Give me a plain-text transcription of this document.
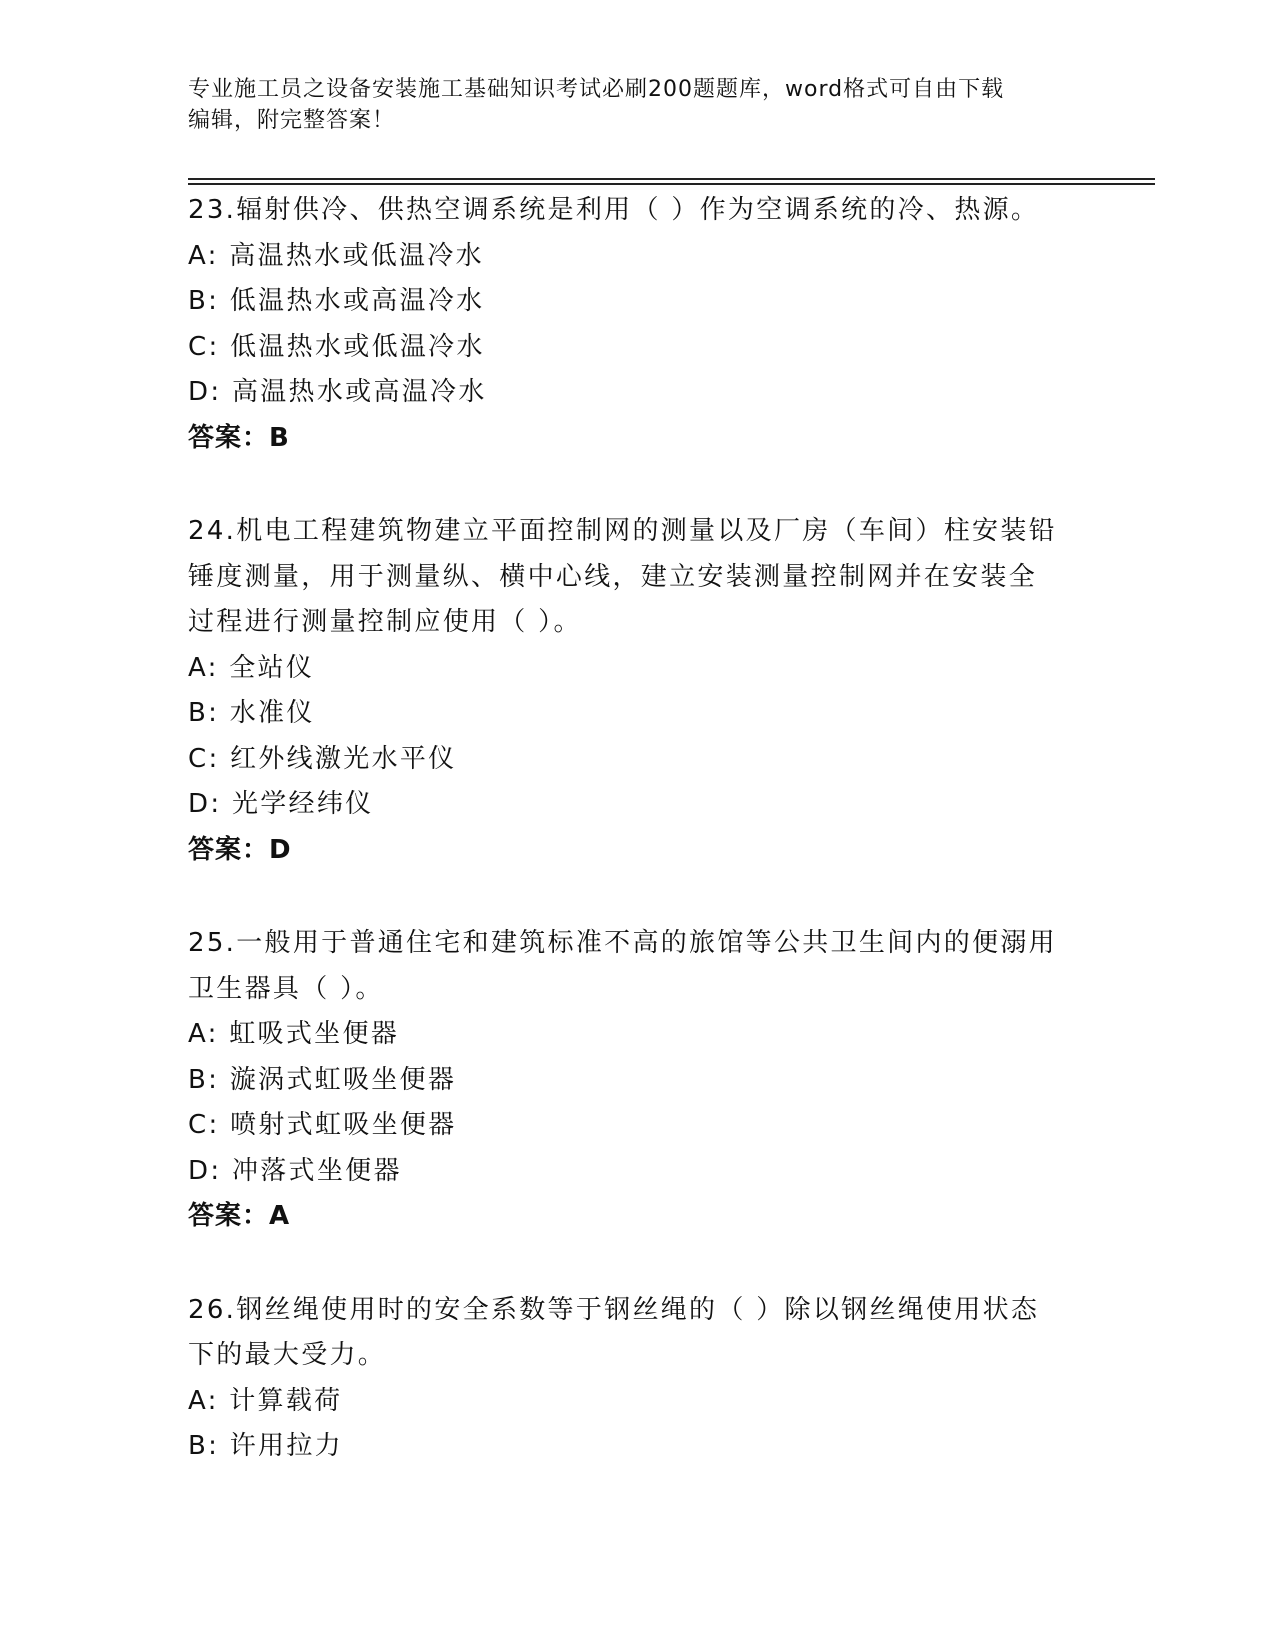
专业施工员之设备安装施工基础知识考试必刷200题题库，word格式可自由下载
编辑，附完整答案！
23.辐射供冷、供热空调系统是利用（ ）作为空调系统的冷、热源。
A: 高温热水或低温冷水
B: 低温热水或高温冷水
C: 低温热水或低温冷水
D: 高温热水或高温冷水
答案：B
24.机电工程建筑物建立平面控制网的测量以及厂房（车间）柱安装铅
锤度测量，用于测量纵、横中心线，建立安装测量控制网并在安装全
过程进行测量控制应使用（ ）。
A: 全站仪
B: 水准仪
C: 红外线激光水平仪
D: 光学经纬仪
答案：D
25.一般用于普通住宅和建筑标准不高的旅馆等公共卫生间内的便溺用
卫生器具（ ）。
A: 虹吸式坐便器
B: 漩涡式虹吸坐便器
C: 喷射式虹吸坐便器
D: 冲落式坐便器
答案：A
26.钢丝绳使用时的安全系数等于钢丝绳的（ ）除以钢丝绳使用状态
下的最大受力。
A: 计算载荷
B: 许用拉力
